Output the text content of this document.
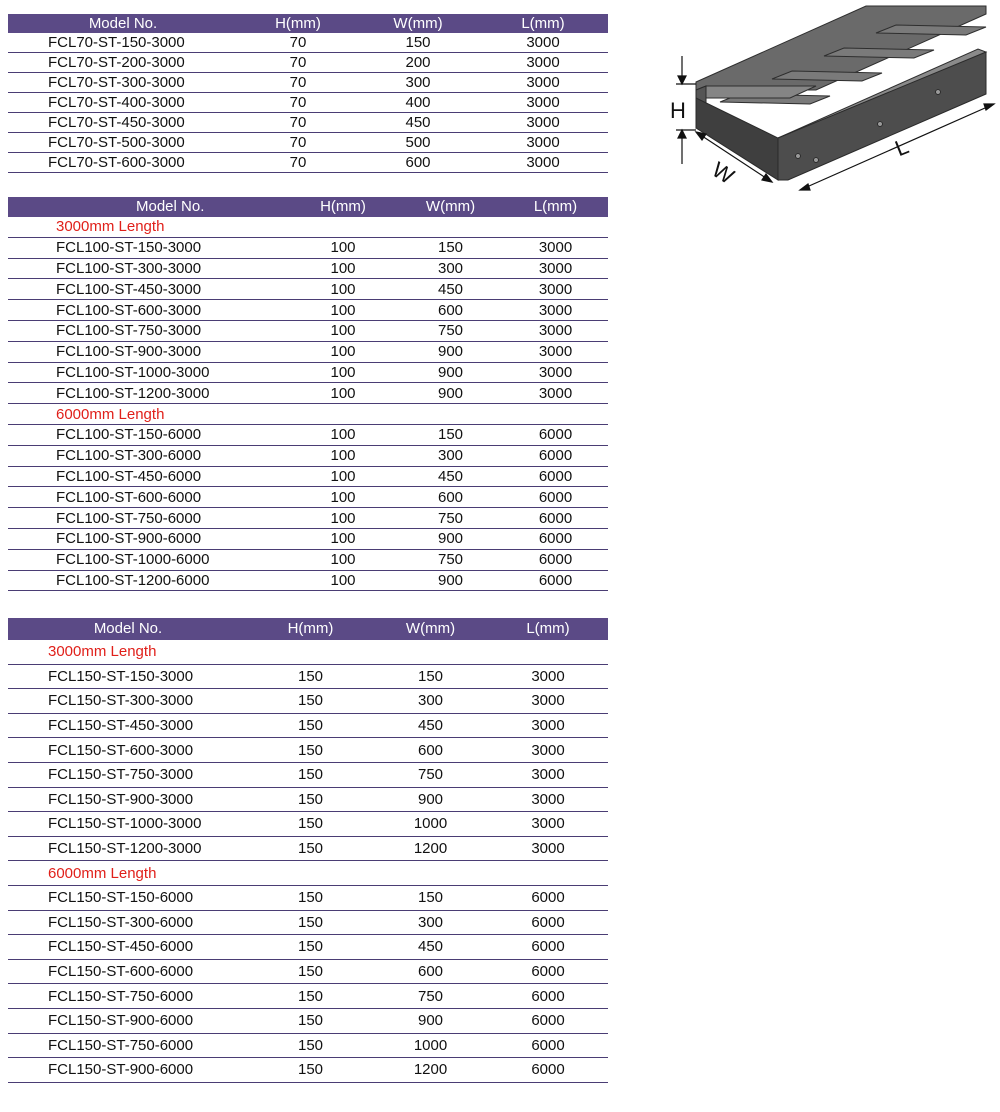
Model No.	H(mm)	W(mm)	L(mm)
FCL70-ST-150-3000	70	150	3000
FCL70-ST-200-3000	70	200	3000
FCL70-ST-300-3000	70	300	3000
FCL70-ST-400-3000	70	400	3000
FCL70-ST-450-3000	70	450	3000
FCL70-ST-500-3000	70	500	3000
FCL70-ST-600-3000	70	600	3000
Model No.	H(mm)	W(mm)	L(mm)
3000mm Length			
FCL100-ST-150-3000	100	150	3000
FCL100-ST-300-3000	100	300	3000
FCL100-ST-450-3000	100	450	3000
FCL100-ST-600-3000	100	600	3000
FCL100-ST-750-3000	100	750	3000
FCL100-ST-900-3000	100	900	3000
FCL100-ST-1000-3000	100	900	3000
FCL100-ST-1200-3000	100	900	3000
6000mm Length			
FCL100-ST-150-6000	100	150	6000
FCL100-ST-300-6000	100	300	6000
FCL100-ST-450-6000	100	450	6000
FCL100-ST-600-6000	100	600	6000
FCL100-ST-750-6000	100	750	6000
FCL100-ST-900-6000	100	900	6000
FCL100-ST-1000-6000	100	750	6000
FCL100-ST-1200-6000	100	900	6000
Model No.	H(mm)	W(mm)	L(mm)
3000mm Length			
FCL150-ST-150-3000	150	150	3000
FCL150-ST-300-3000	150	300	3000
FCL150-ST-450-3000	150	450	3000
FCL150-ST-600-3000	150	600	3000
FCL150-ST-750-3000	150	750	3000
FCL150-ST-900-3000	150	900	3000
FCL150-ST-1000-3000	150	1000	3000
FCL150-ST-1200-3000	150	1200	3000
6000mm Length			
FCL150-ST-150-6000	150	150	6000
FCL150-ST-300-6000	150	300	6000
FCL150-ST-450-6000	150	450	6000
FCL150-ST-600-6000	150	600	6000
FCL150-ST-750-6000	150	750	6000
FCL150-ST-900-6000	150	900	6000
FCL150-ST-750-6000	150	1000	6000
FCL150-ST-900-6000	150	1200	6000
H
W
L
